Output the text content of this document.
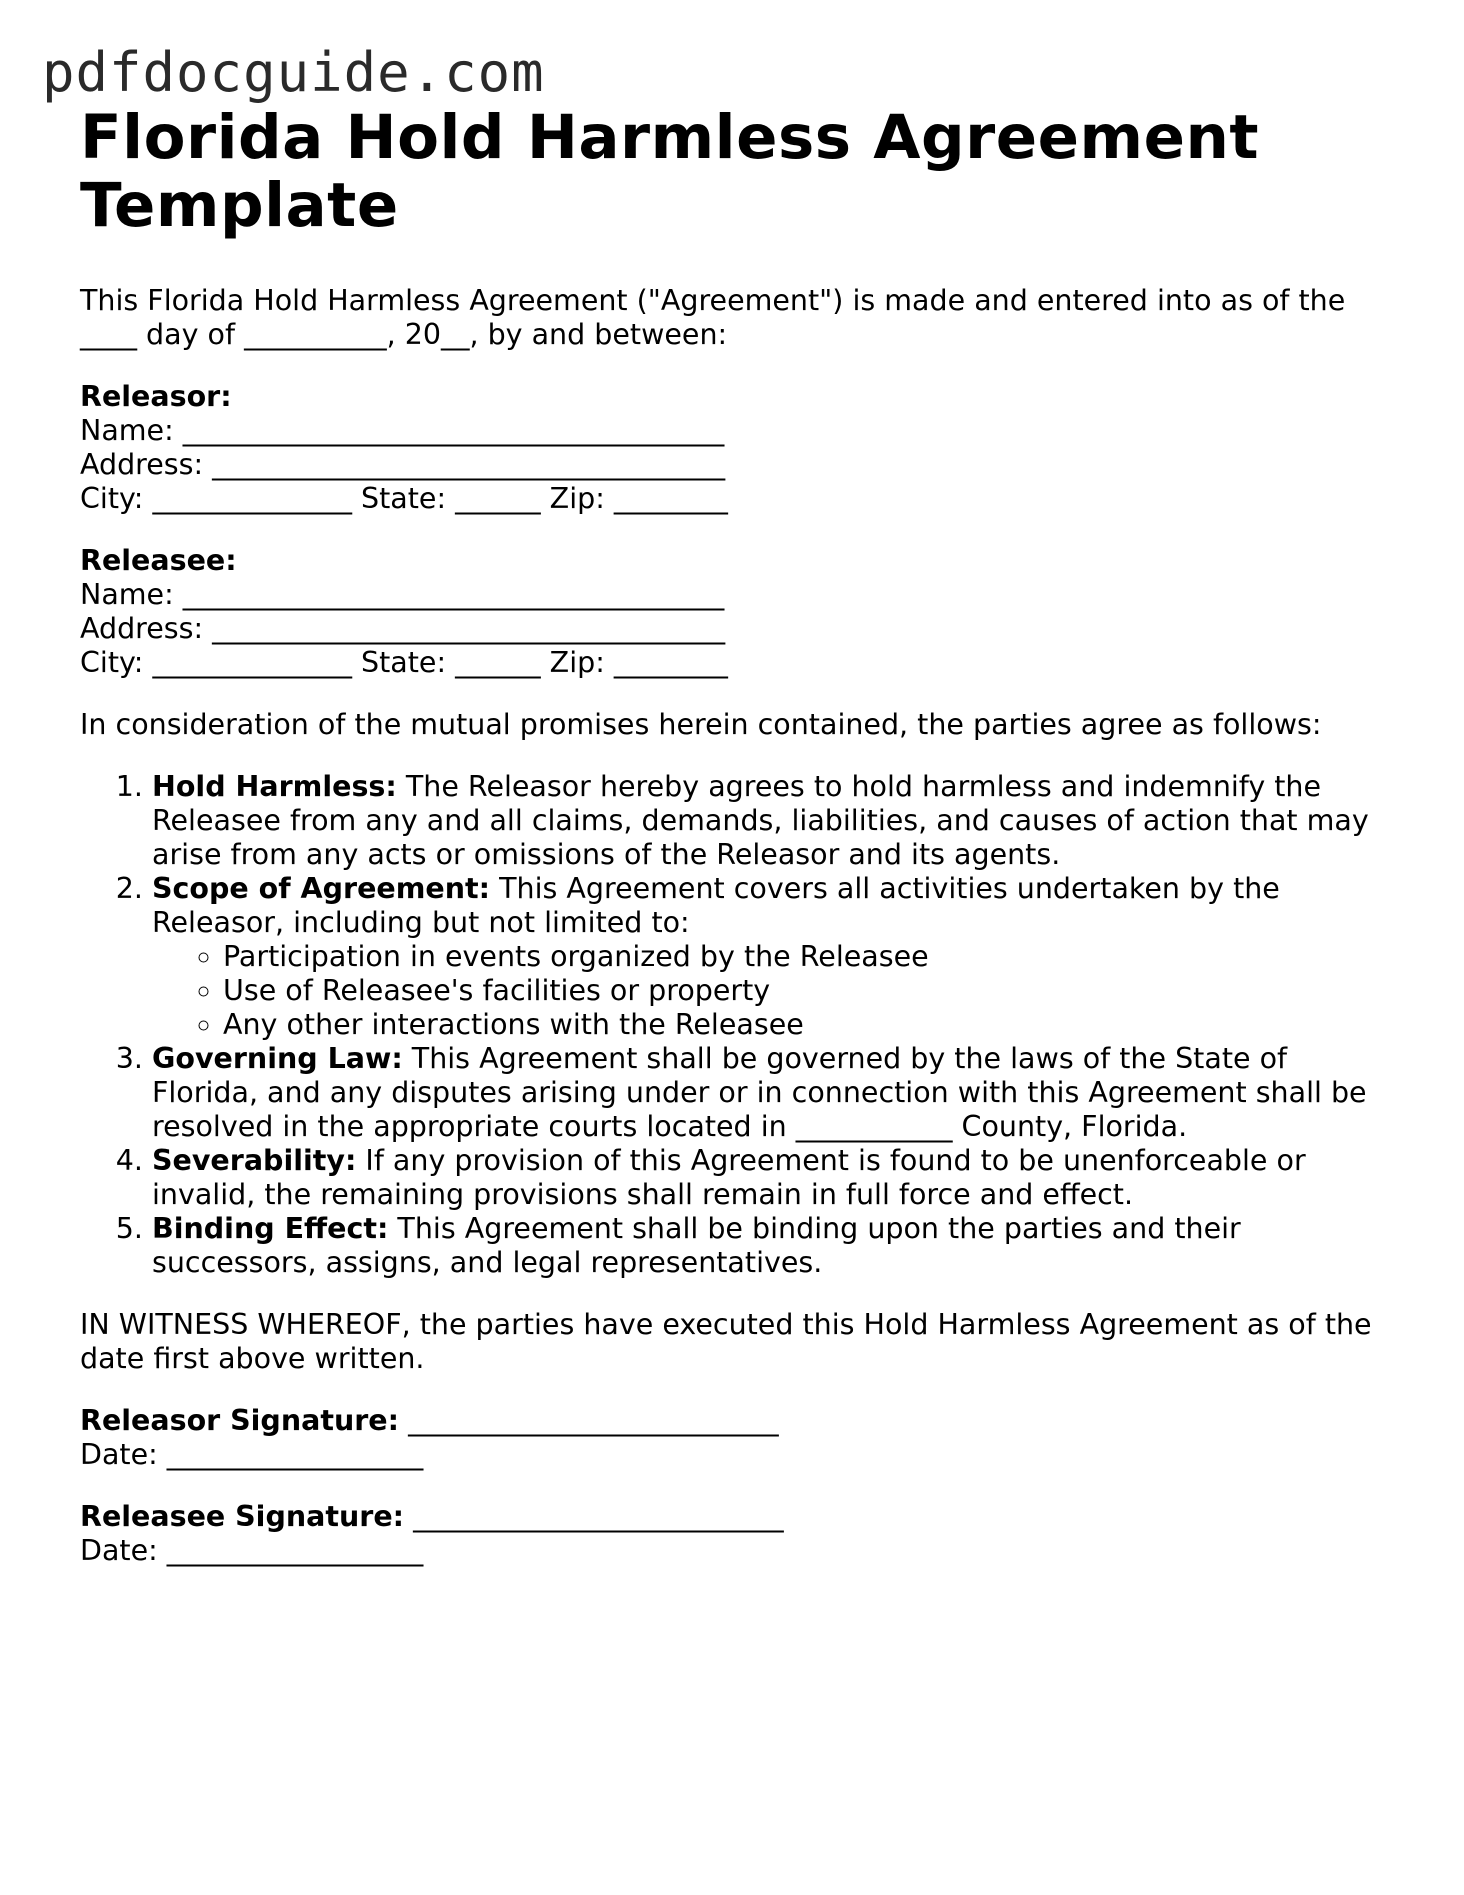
pdfdocguide.com
Florida Hold Harmless Agreement Template

This Florida Hold Harmless Agreement ("Agreement") is made and entered into as of the
____ day of __________, 20__, by and between:

Releasor:
Name: ______________________________________
Address: ____________________________________
City: ______________ State: ______ Zip: ________
Releasee:
Name: ______________________________________
Address: ____________________________________
City: ______________ State: ______ Zip: ________

In consideration of the mutual promises herein contained, the parties agree as follows:

1. Hold Harmless: The Releasor hereby agrees to hold harmless and indemnify the Releasee from any and all claims, demands, liabilities, and causes of action that may arise from any acts or omissions of the Releasor and its agents.
2. Scope of Agreement: This Agreement covers all activities undertaken by the Releasor, including but not limited to:
◦ Participation in events organized by the Releasee
◦ Use of Releasee's facilities or property
◦ Any other interactions with the Releasee
3. Governing Law: This Agreement shall be governed by the laws of the State of Florida, and any disputes arising under or in connection with this Agreement shall be resolved in the appropriate courts located in ___________ County, Florida.
4. Severability: If any provision of this Agreement is found to be unenforceable or invalid, the remaining provisions shall remain in full force and effect.
5. Binding Effect: This Agreement shall be binding upon the parties and their successors, assigns, and legal representatives.

IN WITNESS WHEREOF, the parties have executed this Hold Harmless Agreement as of the
date first above written.

Releasor Signature: __________________________
Date: __________________
Releasee Signature: __________________________
Date: __________________
